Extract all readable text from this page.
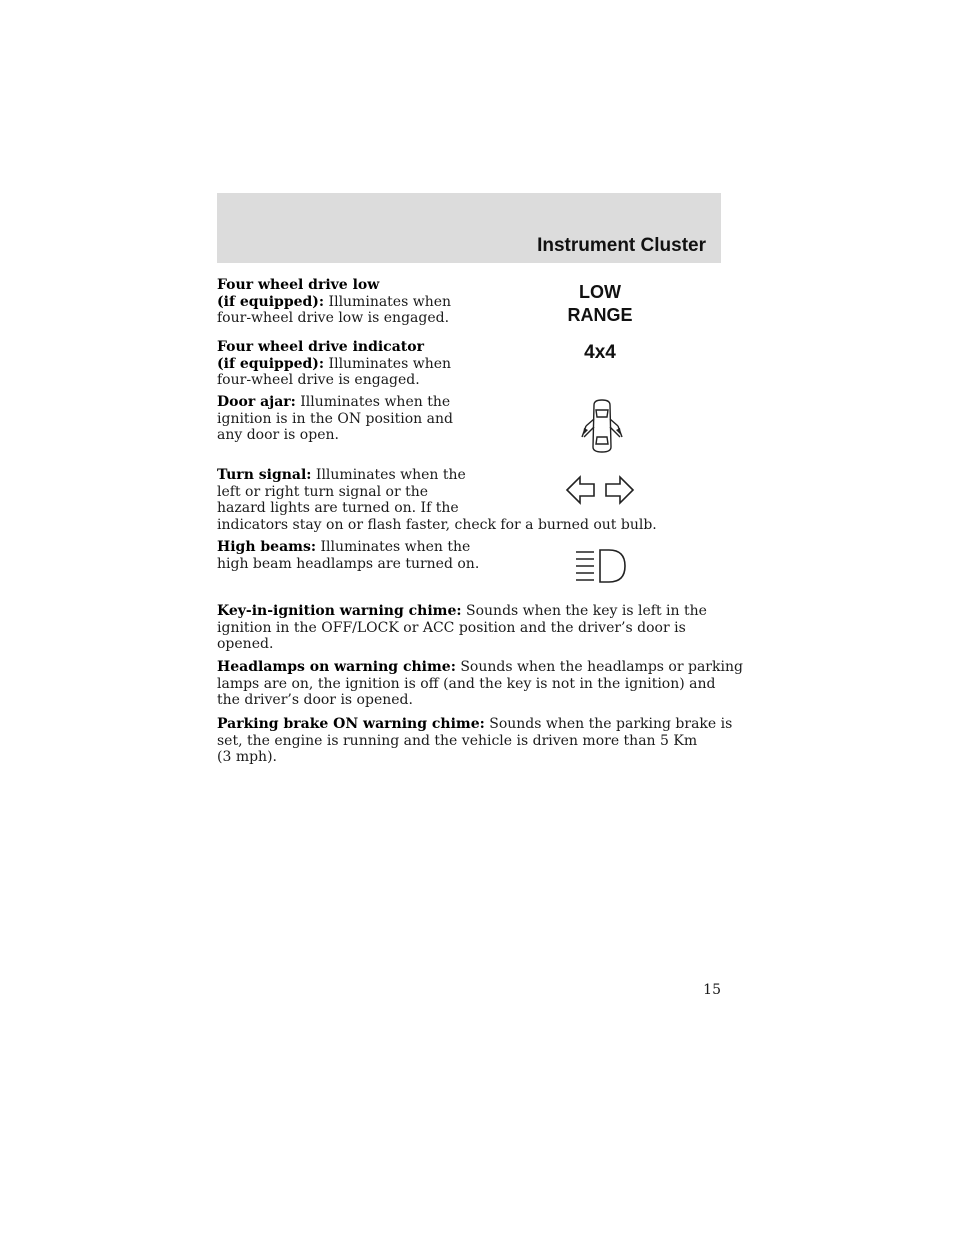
Instrument Cluster

Four wheel drive low
(if equipped): Illuminates when
four-wheel drive low is engaged.

LOW
RANGE

Four wheel drive indicator
(if equipped): Illuminates when
four-wheel drive is engaged.

4x4

Door ajar: Illuminates when the
ignition is in the ON position and
any door is open.

Turn signal: Illuminates when the
left or right turn signal or the
hazard lights are turned on. If the
indicators stay on or flash faster, check for a burned out bulb.

High beams: Illuminates when the
high beam headlamps are turned on.

Key-in-ignition warning chime: Sounds when the key is left in the
ignition in the OFF/LOCK or ACC position and the driver’s door is
opened.

Headlamps on warning chime: Sounds when the headlamps or parking
lamps are on, the ignition is off (and the key is not in the ignition) and
the driver’s door is opened.

Parking brake ON warning chime: Sounds when the parking brake is
set, the engine is running and the vehicle is driven more than 5 Km
(3 mph).

15
